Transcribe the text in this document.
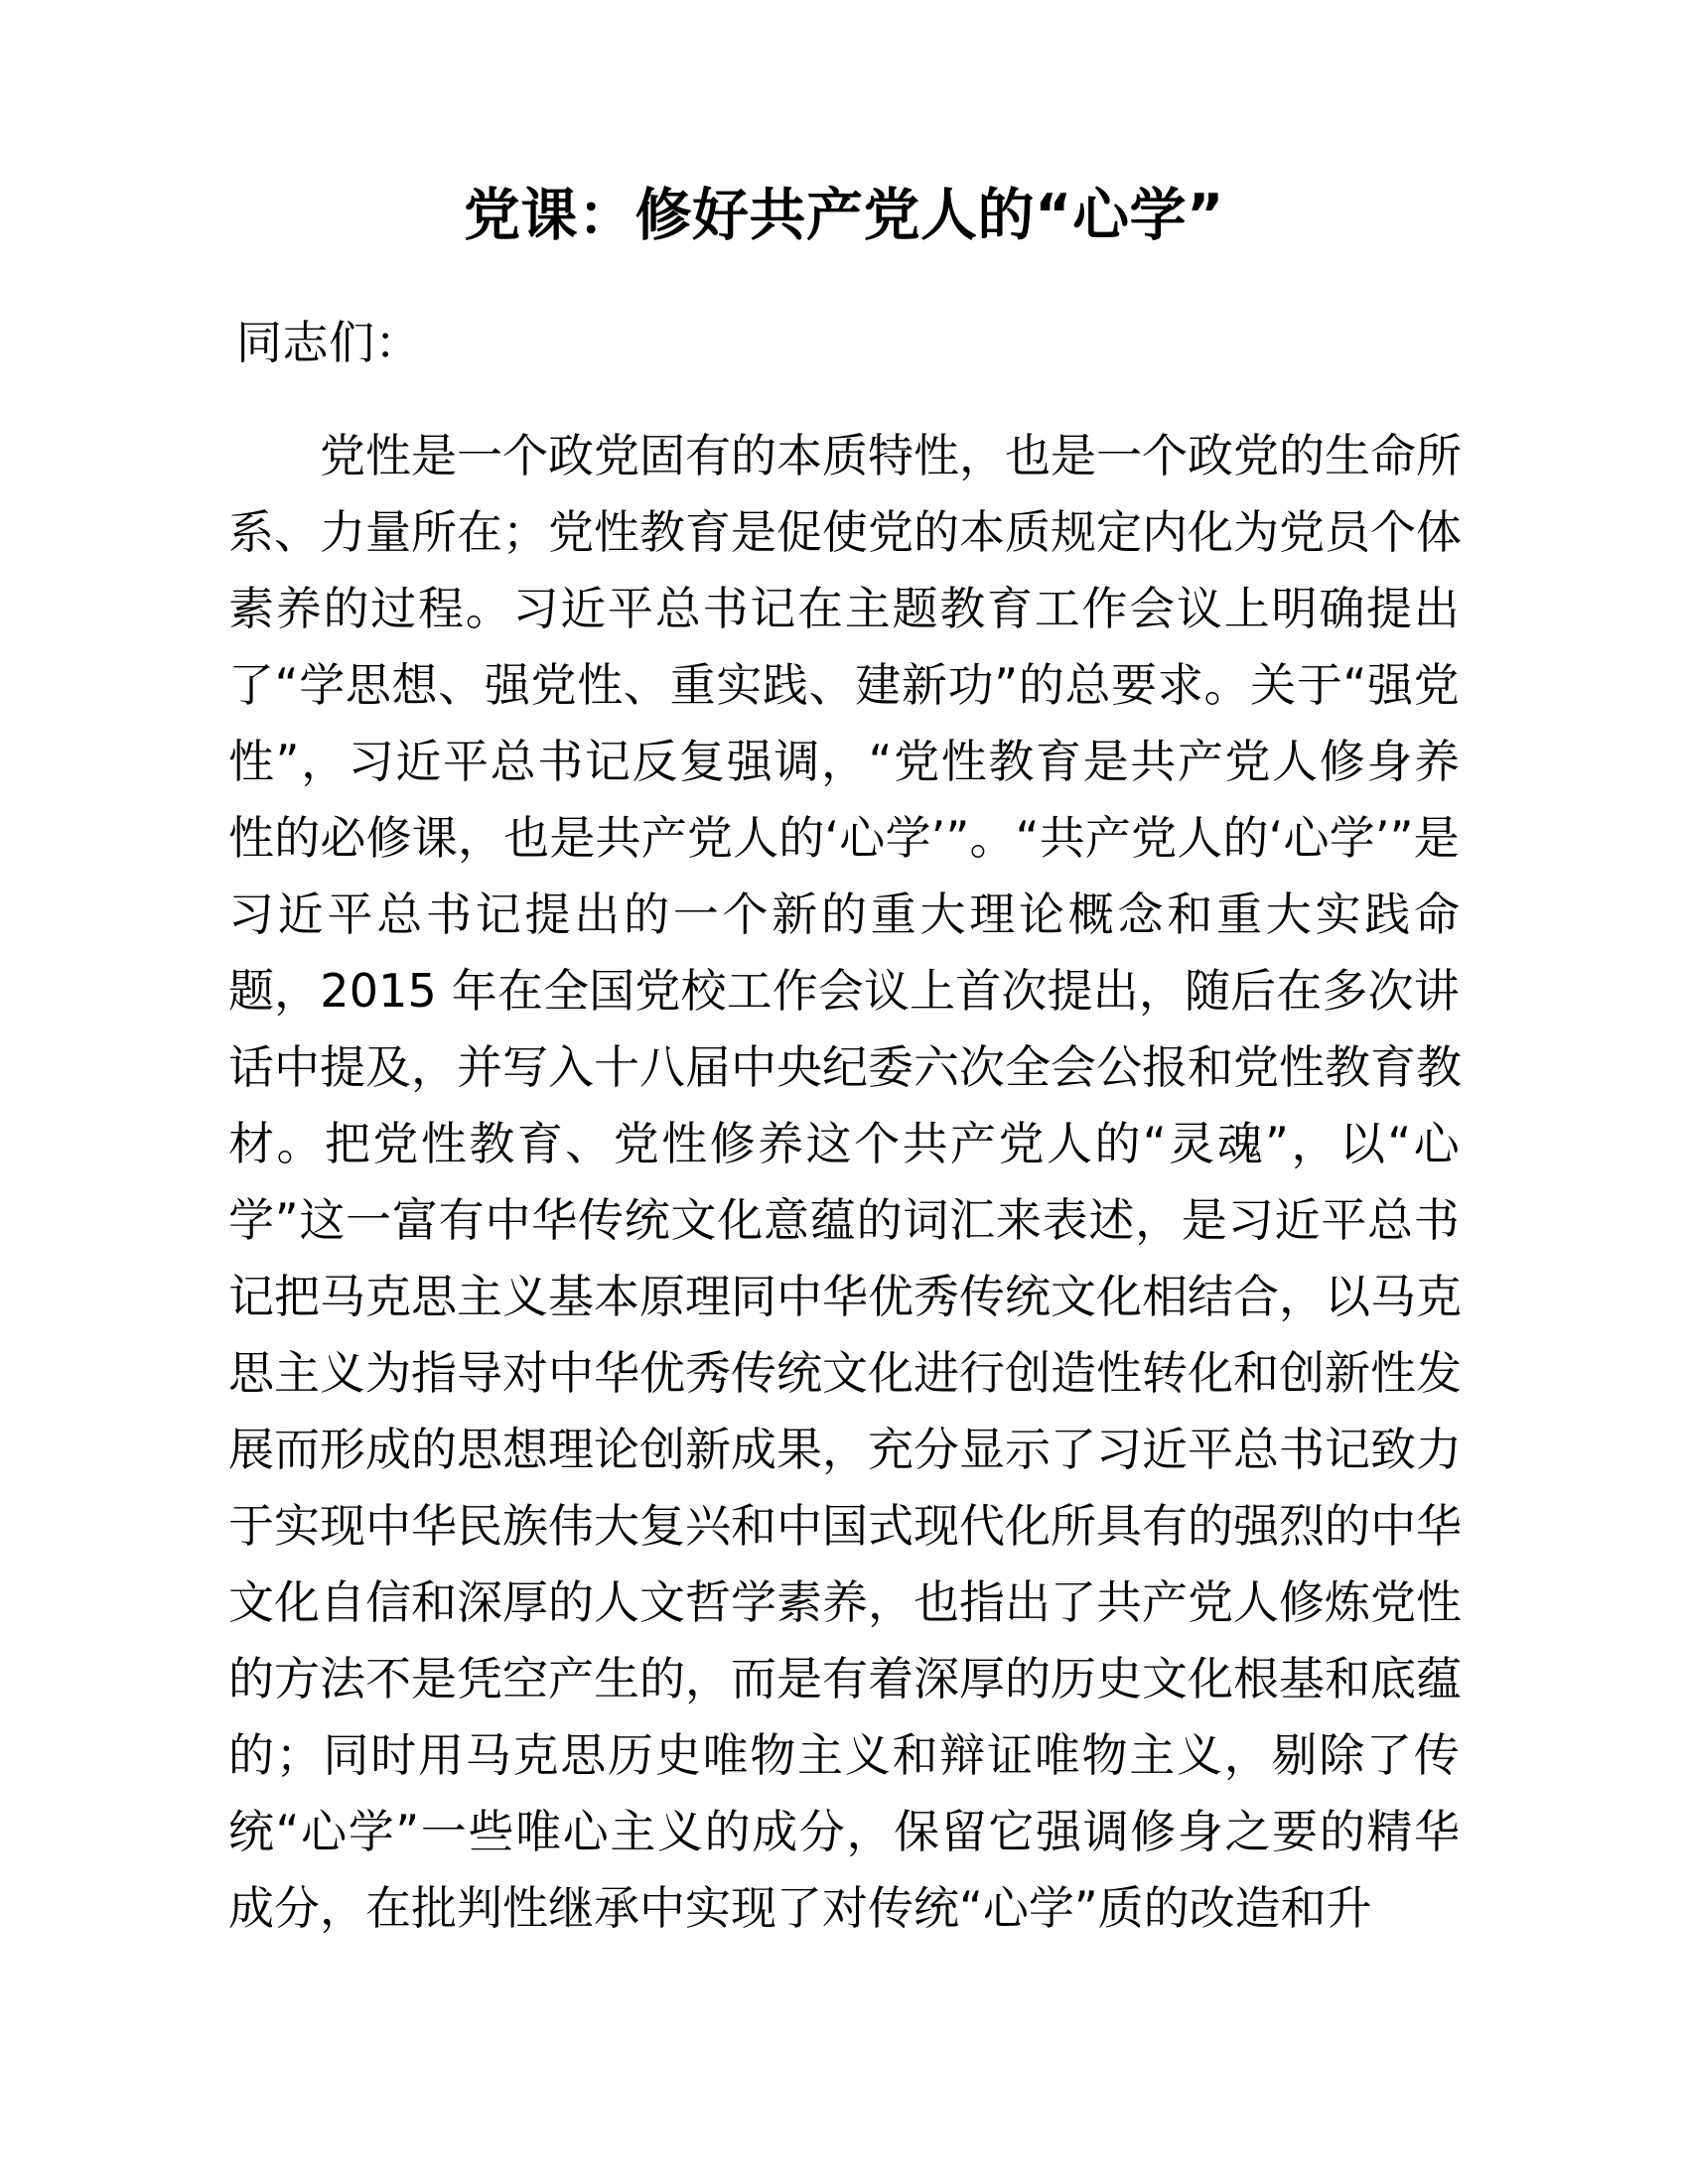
党课：修好共产党人的“心学”

同志们：

党 性 是 一 个 政 党 固 有 的 本 质 特 性 ， 也 是 一 个 政 党 的 生 命 所
系 、 力 量 所 在 ； 党 性 教 育 是 促 使 党 的 本 质 规 定 内 化 为 党 员 个 体
素 养 的 过 程 。 习 近 平 总 书 记 在 主 题 教 育 工 作 会 议 上 明 确 提 出
了 “ 学 思 想 、 强 党 性 、 重 实 践 、 建 新 功 ” 的 总 要 求 。 关 于 “ 强 党
性 ” ， 习 近 平 总 书 记 反 复 强 调 ， “ 党 性 教 育 是 共 产 党 人 修 身 养
性 的 必 修 课 ， 也 是 共 产 党 人 的 ‘ 心 学 ’ ” 。 “ 共 产 党 人 的 ‘ 心 学 ’ ” 是
习 近 平 总 书 记 提 出 的 一 个 新 的 重 大 理 论 概 念 和 重 大 实 践 命
题 ， 2 0 1 5
年 在 全 国 党 校 工 作 会 议 上 首 次 提 出 ， 随 后 在 多 次 讲
话 中 提 及 ， 并 写 入 十 八 届 中 央 纪 委 六 次 全 会 公 报 和 党 性 教 育 教
材 。 把 党 性 教 育 、 党 性 修 养 这 个 共 产 党 人 的 “ 灵 魂 ” ， 以 “ 心
学 ” 这 一 富 有 中 华 传 统 文 化 意 蕴 的 词 汇 来 表 述 ， 是 习 近 平 总 书
记 把 马 克 思 主 义 基 本 原 理 同 中 华 优 秀 传 统 文 化 相 结 合 ， 以 马 克
思 主 义 为 指 导 对 中 华 优 秀 传 统 文 化 进 行 创 造 性 转 化 和 创 新 性 发
展 而 形 成 的 思 想 理 论 创 新 成 果 ， 充 分 显 示 了 习 近 平 总 书 记 致 力
于 实 现 中 华 民 族 伟 大 复 兴 和 中 国 式 现 代 化 所 具 有 的 强 烈 的 中 华
文 化 自 信 和 深 厚 的 人 文 哲 学 素 养 ， 也 指 出 了 共 产 党 人 修 炼 党 性
的 方 法 不 是 凭 空 产 生 的 ， 而 是 有 着 深 厚 的 历 史 文 化 根 基 和 底 蕴
的 ； 同 时 用 马 克 思 历 史 唯 物 主 义 和 辩 证 唯 物 主 义 ， 剔 除 了 传
统 “ 心 学 ” 一 些 唯 心 主 义 的 成 分 ， 保 留 它 强 调 修 身 之 要 的 精 华
成分，在批判性继承中实现了对传统“心学”质的改造和升
